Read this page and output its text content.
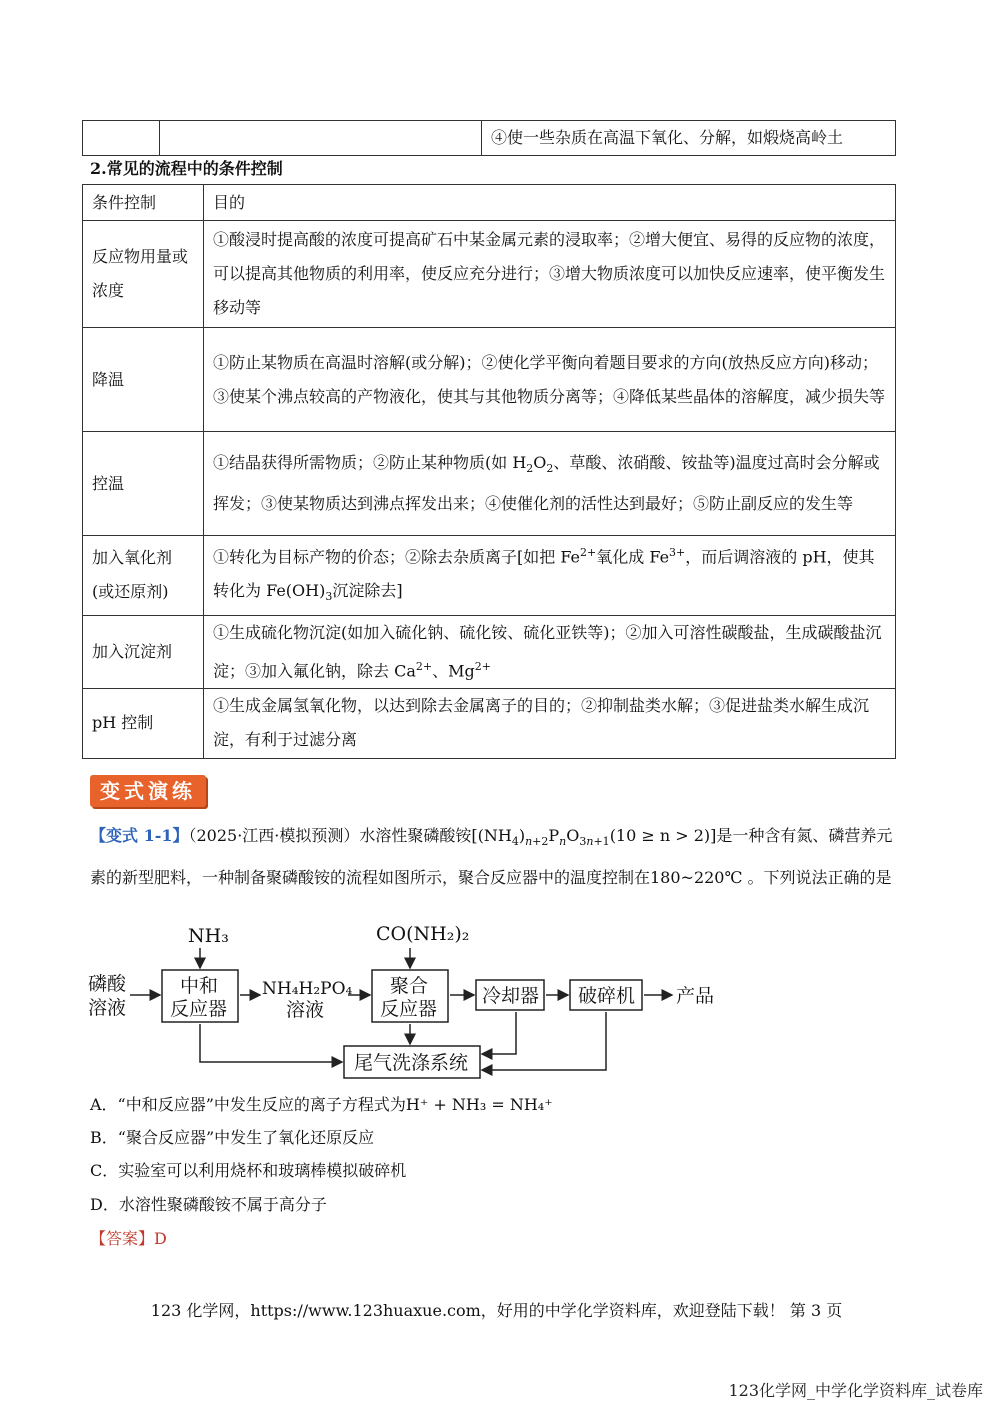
		④使一些杂质在高温下氧化、分解，如煅烧高岭土
2.常见的流程中的条件控制
条件控制	目的
反应物用量或浓度	①酸浸时提高酸的浓度可提高矿石中某金属元素的浸取率；②增大便宜、易得的反应物的浓度，可以提高其他物质的利用率，使反应充分进行；③增大物质浓度可以加快反应速率，使平衡发生移动等
降温	①防止某物质在高温时溶解(或分解)；②使化学平衡向着题目要求的方向(放热反应方向)移动；③使某个沸点较高的产物液化，使其与其他物质分离等；④降低某些晶体的溶解度，减少损失等
控温	①结晶获得所需物质；②防止某种物质(如 $H_2O_2$、草酸、浓硝酸、铵盐等)温度过高时会分解或挥发；③使某物质达到沸点挥发出来；④使催化剂的活性达到最好；⑤防止副反应的发生等
加入氧化剂(或还原剂)	①转化为目标产物的价态；②除去杂质离子[如把 $Fe^{2+}$氧化成 $Fe^{3+}$，而后调溶液的 pH，使其转化为 $Fe(OH)_3$沉淀除去]
加入沉淀剂	①生成硫化物沉淀(如加入硫化钠、硫化铵、硫化亚铁等)；②加入可溶性碳酸盐，生成碳酸盐沉淀；③加入氟化钠，除去 $Ca^{2+}$、$Mg^{2+}$
pH 控制	①生成金属氢氧化物，以达到除去金属离子的目的；②抑制盐类水解；③促进盐类水解生成沉淀，有利于过滤分离
变式演练
【变式 1-1】（2025·江西·模拟预测）水溶性聚磷酸铵$[(NH_4)_{n+2}P_nO_{3n+1}(10 \ge n > 2)]$是一种含有氮、磷营养元素的新型肥料，一种制备聚磷酸铵的流程如图所示，聚合反应器中的温度控制在180~220℃ 。下列说法正确的是
NH₃	CO(NH₂)₂
磷酸
溶液
中和
反应器
NH₄H₂PO₄
溶液
聚合
反应器
冷却器 破碎机 产品
尾气洗涤系统
A．“中和反应器”中发生反应的离子方程式为H⁺ + NH₃ = NH₄⁺
B．“聚合反应器”中发生了氧化还原反应
C．实验室可以利用烧杯和玻璃棒模拟破碎机
D．水溶性聚磷酸铵不属于高分子
【答案】D
123 化学网，https://www.123huaxue.com，好用的中学化学资料库，欢迎登陆下载！ 第 3 页
123化学网_中学化学资料库_试卷库
